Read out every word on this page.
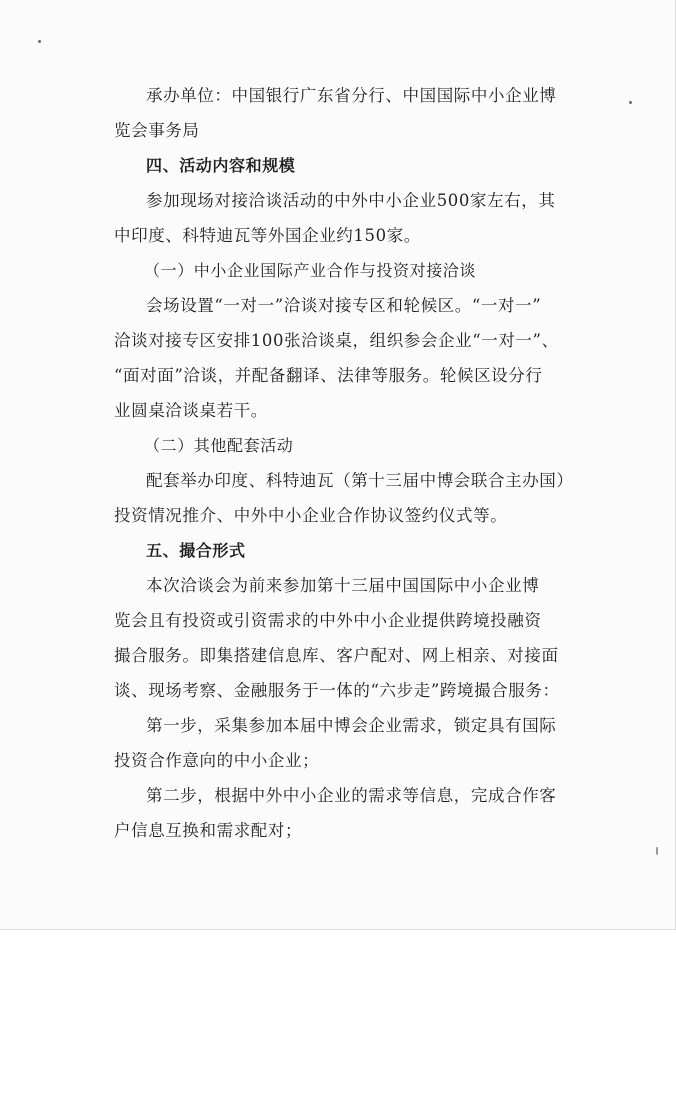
承办单位：中国银行广东省分行、中国国际中小企业博
览会事务局
四、活动内容和规模
参加现场对接洽谈活动的中外中小企业500家左右，其
中印度、科特迪瓦等外国企业约150家。
（一）中小企业国际产业合作与投资对接洽谈
会场设置“一对一”洽谈对接专区和轮候区。“一对一”
洽谈对接专区安排100张洽谈桌，组织参会企业“一对一”、
“面对面”洽谈，并配备翻译、法律等服务。轮候区设分行
业圆桌洽谈桌若干。
（二）其他配套活动
配套举办印度、科特迪瓦（第十三届中博会联合主办国）
投资情况推介、中外中小企业合作协议签约仪式等。
五、撮合形式
本次洽谈会为前来参加第十三届中国国际中小企业博
览会且有投资或引资需求的中外中小企业提供跨境投融资
撮合服务。即集搭建信息库、客户配对、网上相亲、对接面
谈、现场考察、金融服务于一体的“六步走”跨境撮合服务：
第一步，采集参加本届中博会企业需求，锁定具有国际
投资合作意向的中小企业；
第二步，根据中外中小企业的需求等信息，完成合作客
户信息互换和需求配对；
